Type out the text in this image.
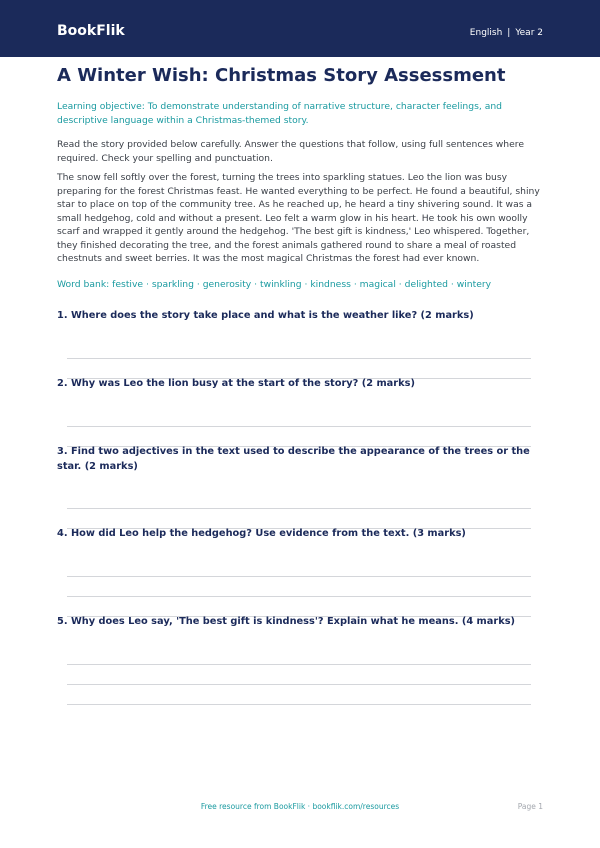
BookFlik	English | Year 2
A Winter Wish: Christmas Story Assessment
Learning objective: To demonstrate understanding of narrative structure, character feelings, and descriptive language within a Christmas-themed story.
Read the story provided below carefully. Answer the questions that follow, using full sentences where required. Check your spelling and punctuation.
The snow fell softly over the forest, turning the trees into sparkling statues. Leo the lion was busy preparing for the forest Christmas feast. He wanted everything to be perfect. He found a beautiful, shiny star to place on top of the community tree. As he reached up, he heard a tiny shivering sound. It was a small hedgehog, cold and without a present. Leo felt a warm glow in his heart. He took his own woolly scarf and wrapped it gently around the hedgehog. 'The best gift is kindness,' Leo whispered. Together, they finished decorating the tree, and the forest animals gathered round to share a meal of roasted chestnuts and sweet berries. It was the most magical Christmas the forest had ever known.
Word bank: festive · sparkling · generosity · twinkling · kindness · magical · delighted · wintery
1. Where does the story take place and what is the weather like? (2 marks)
2. Why was Leo the lion busy at the start of the story? (2 marks)
3. Find two adjectives in the text used to describe the appearance of the trees or the star. (2 marks)
4. How did Leo help the hedgehog? Use evidence from the text. (3 marks)
5. Why does Leo say, 'The best gift is kindness'? Explain what he means. (4 marks)
Free resource from BookFlik · bookflik.com/resources	Page 1
